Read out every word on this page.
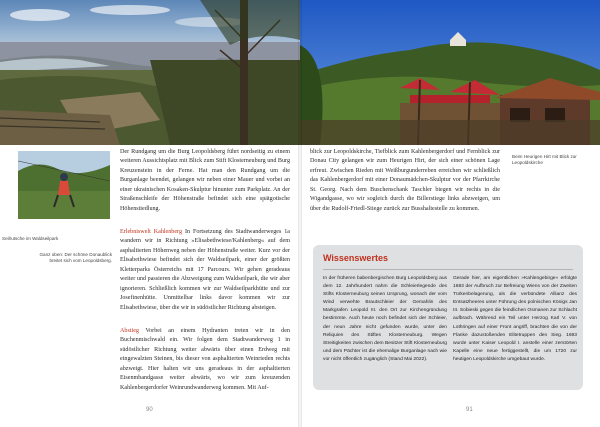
Seilrutsche im Waldseilpark
Ganz oben: Der schöne Donaublick breitet sich vom Leopoldsberg.
Der Rundgang um die Burg Leopoldsberg führt nordseitig zu einem weiteren Aussichtsplatz mit Blick zum Stift Klosterneuburg und Burg Kreuzenstein in der Ferne. Hat man den Rundgang um die Burganlage beendet, gelangen wir neben einer Mauer und vorbei an einer ukrainischen Kosaken-Skulptur hinunter zum Parkplatz. An der Straßenschleife der Höhenstraße befindet sich eine spätgotische Höhenstiedlung.
Erlebniswelt Kahlenberg In Fortsetzung des Stadtwanderweges 1a wandern wir in Richtung »Elisabethwiese/Kahlenberg« auf dem asphaltierten Höhenweg neben der Höhenstraße weiter. Kurz vor der Elisabethwiese befindet sich der Waldseilpark, einer der größten Kletterparks Österreichs mit 17 Parcours. Wir gehen geradeaus weiter und passieren die Abzweigung zum Waldseilpark, die wir aber ignorieren. Schließlich kommen wir zur Waldseilparkhütte und zur Josefinenhütte. Unmittelbar links davor kommen wir zur Elisabethwiese, über die wir in südöstlicher Richtung absteigen.
Abstieg Vorbei an einem Hydranten treten wir in den Buchenmischwald ein. Wir folgen dem Stadtwanderweg 1 in südöstlicher Richtung weiter abwärts über einen Erdweg mit eingewalzten Steinen, bis dieser von asphaltierten Weinrieden rechts abzweigt. Hier halten wir uns geradeaus in der asphaltierten Eisenmbandgasse weiter abwärts, wo wir zum kreuzenden Kahlenbergerdorfer Weinrundwanderweg kommen. Mit Auf-
90
Beim Heurigen Hirt mit Blick zur Leopoldskirche
blick zur Leopoldskirche, Tiefblick zum Kahlenbergerdorf und Fernblick zur Donau City gelangen wir zum Heurigen Hirt, der sich einer schönen Lage erfreut. Zwischen Rieden mit Weißburgunderreben erreichen wir schließlich das Kahlenbergerdorf mit einer Donaumädchen-Skulptur vor der Pfarrkirche St. Georg. Nach dem Buschenschank Taschler biegen wir rechts in die Wigandgasse, wo wir sogleich durch die Billerstiege links abzweigen, um über die Rudolf-Friedl-Stiege zurück zur Busshaltestelle zu kommen.
91
Wissenswertes
In der früheren babenbergischen Burg Leopoldsberg aus dem 12. Jahrhundert nahm die Schleierlegende des Stifts Klosterneuburg seinen Ursprung, wonach der vom Wind verwehte Brautschleier der Gemahlin des Markgrafen Leopold III. den Ort zur Kirchengründung bestimmte. Auch heute noch befindet sich der Schleier, der neun Jahre nicht gefunden wurde, unter den Reliquien des Stiftes Klosterneuburg. Wegen Streitigkeiten zwischen dem Besitzer Stift Klosterneuburg und dem Pächter ist die ehemalige Burganlage nach wie vor nicht öffentlich zugänglich (Stand Mai 2022).
Gerade hier, am eigentlichen »Kahlengebirge« erfolgte 1683 der Aufbruch zur Befreiung Wiens von der Zweiten Türkenbelagerung, als die verbündete Allianz des Entsatzheeres unter Führung des polnischen Königs Jan III. Sobieski gegen die feindlichen Osmanen zur Schlacht aufbrach. Während ein Teil unter Herzog Karl V. von Lothringen auf einer Front angriff, brachten die von der Flanke dazustoßenden Elitetruppen den Sieg. 1693 wurde unter Kaiser Leopold I. anstelle einer zerstörten Kapelle eine neue fertiggestellt, die um 1720 zur heutigen Leopoldskirche umgebaut wurde.
